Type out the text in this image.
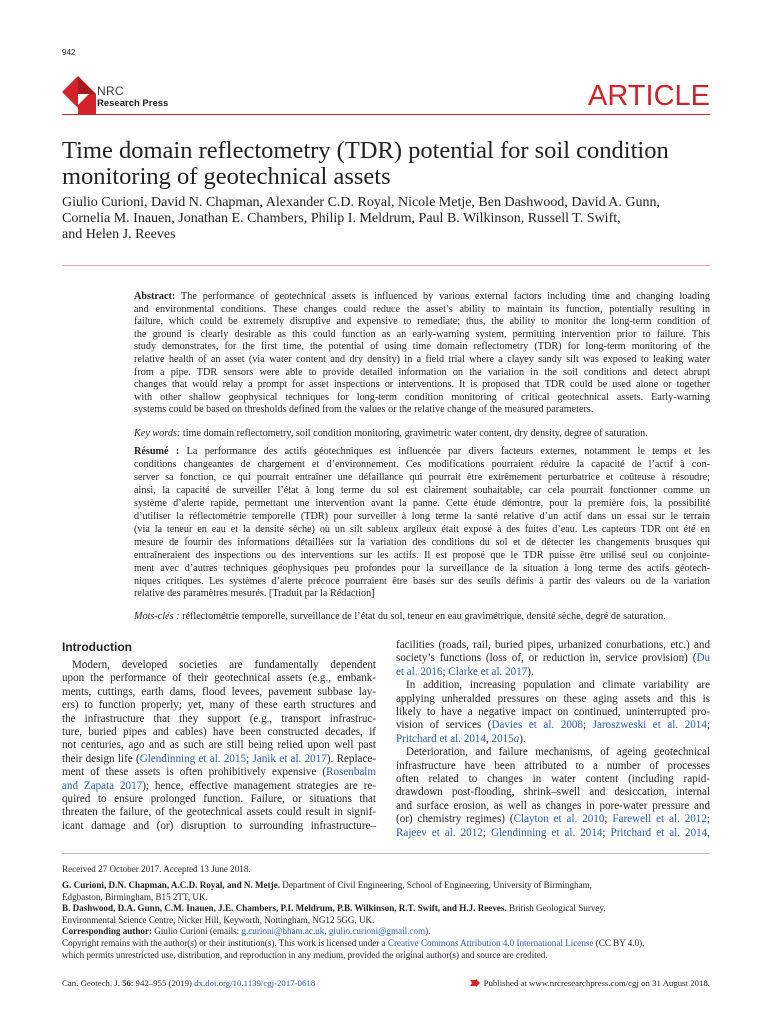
942
NRC
Research Press	ARTICLE
Time domain reflectometry (TDR) potential for soil condition
monitoring of geotechnical assets
Giulio Curioni, David N. Chapman, Alexander C.D. Royal, Nicole Metje, Ben Dashwood, David A. Gunn,
Cornelia M. Inauen, Jonathan E. Chambers, Philip I. Meldrum, Paul B. Wilkinson, Russell T. Swift,
and Helen J. Reeves
Abstract: The performance of geotechnical assets is influenced by various external factors including time and changing loading
and environmental conditions. These changes could reduce the asset’s ability to maintain its function, potentially resulting in
failure, which could be extremely disruptive and expensive to remediate; thus, the ability to monitor the long-term condition of
the ground is clearly desirable as this could function as an early-warning system, permitting intervention prior to failure. This
study demonstrates, for the first time, the potential of using time domain reflectometry (TDR) for long-term monitoring of the
relative health of an asset (via water content and dry density) in a field trial where a clayey sandy silt was exposed to leaking water
from a pipe. TDR sensors were able to provide detailed information on the variation in the soil conditions and detect abrupt
changes that would relay a prompt for asset inspections or interventions. It is proposed that TDR could be used alone or together
with other shallow geophysical techniques for long-term condition monitoring of critical geotechnical assets. Early-warning
systems could be based on thresholds defined from the values or the relative change of the measured parameters.
Key words: time domain reflectometry, soil condition monitoring, gravimetric water content, dry density, degree of saturation.
Résumé : La performance des actifs géotechniques est influencée par divers facteurs externes, notamment le temps et les
conditions changeantes de chargement et d’environnement. Ces modifications pourraient réduire la capacité de l’actif à con-
server sa fonction, ce qui pourrait entraîner une défaillance qui pourrait être extrêmement perturbatrice et coûteuse à résoudre;
ainsi, la capacité de surveiller l’état à long terme du sol est clairement souhaitable, car cela pourrait fonctionner comme un
système d’alerte rapide, permettant une intervention avant la panne. Cette étude démontre, pour la première fois, la possibilité
d’utiliser la réflectométrie temporelle (TDR) pour surveiller à long terme la santé relative d’un actif dans un essai sur le terrain
(via la teneur en eau et la densité sèche) où un silt sableux argileux était exposé à des fuites d’eau. Les capteurs TDR ont été en
mesure de fournir des informations détaillées sur la variation des conditions du sol et de détecter les changements brusques qui
entraîneraient des inspections ou des interventions sur les actifs. Il est proposé que le TDR puisse être utilisé seul ou conjointe-
ment avec d’autres techniques géophysiques peu profondes pour la surveillance de la situation à long terme des actifs géotech-
niques critiques. Les systèmes d’alerte précoce pourraient être basés sur des seuils définis à partir des valeurs ou de la variation
relative des paramètres mesurés. [Traduit par la Rédaction]
Mots-clés : réflectométrie temporelle, surveillance de l’état du sol, teneur en eau gravimétrique, densité sèche, degré de saturation.
Introduction
Modern, developed societies are fundamentally dependent
upon the performance of their geotechnical assets (e.g., embank-
ments, cuttings, earth dams, flood levees, pavement subbase lay-
ers) to function properly; yet, many of these earth structures and
the infrastructure that they support (e.g., transport infrastruc-
ture, buried pipes and cables) have been constructed decades, if
not centuries, ago and as such are still being relied upon well past
their design life (Glendinning et al. 2015; Janik et al. 2017). Replace-
ment of these assets is often prohibitively expensive (Rosenbalm
and Zapata 2017); hence, effective management strategies are re-
quired to ensure prolonged function. Failure, or situations that
threaten the failure, of the geotechnical assets could result in signif-
icant damage and (or) disruption to surrounding infrastructure–
facilities (roads, rail, buried pipes, urbanized conurbations, etc.) and
society’s functions (loss of, or reduction in, service provision) (Du
et al. 2016; Clarke et al. 2017).
In addition, increasing population and climate variability are
applying unheralded pressures on these aging assets and this is
likely to have a negative impact on continued, uninterrupted pro-
vision of services (Davies et al. 2008; Jaroszweski et al. 2014;
Pritchard et al. 2014, 2015a).
Deterioration, and failure mechanisms, of ageing geotechnical
infrastructure have been attributed to a number of processes
often related to changes in water content (including rapid-
drawdown post-flooding, shrink–swell and desiccation, internal
and surface erosion, as well as changes in pore-water pressure and
(or) chemistry regimes) (Clayton et al. 2010; Farewell et al. 2012;
Rajeev et al. 2012; Glendinning et al. 2014; Pritchard et al. 2014,
Received 27 October 2017. Accepted 13 June 2018.
G. Curioni, D.N. Chapman, A.C.D. Royal, and N. Metje. Department of Civil Engineering, School of Engineering, University of Birmingham,
Edgbaston, Birmingham, B15 2TT, UK.
B. Dashwood, D.A. Gunn, C.M. Inauen, J.E. Chambers, P.I. Meldrum, P.B. Wilkinson, R.T. Swift, and H.J. Reeves. British Geological Survey,
Environmental Science Centre, Nicker Hill, Keyworth, Nottingham, NG12 5GG, UK.
Corresponding author: Giulio Curioni (emails: g.curioni@bham.ac.uk, giulio.curioni@gmail.com).
Copyright remains with the author(s) or their institution(s). This work is licensed under a Creative Commons Attribution 4.0 International License (CC BY 4.0),
which permits unrestricted use, distribution, and reproduction in any medium, provided the original author(s) and source are credited.
Can. Geotech. J. 56: 942–955 (2019) dx.doi.org/10.1139/cgj-2017-0618	Published at www.nrcresearchpress.com/cgj on 31 August 2018.
